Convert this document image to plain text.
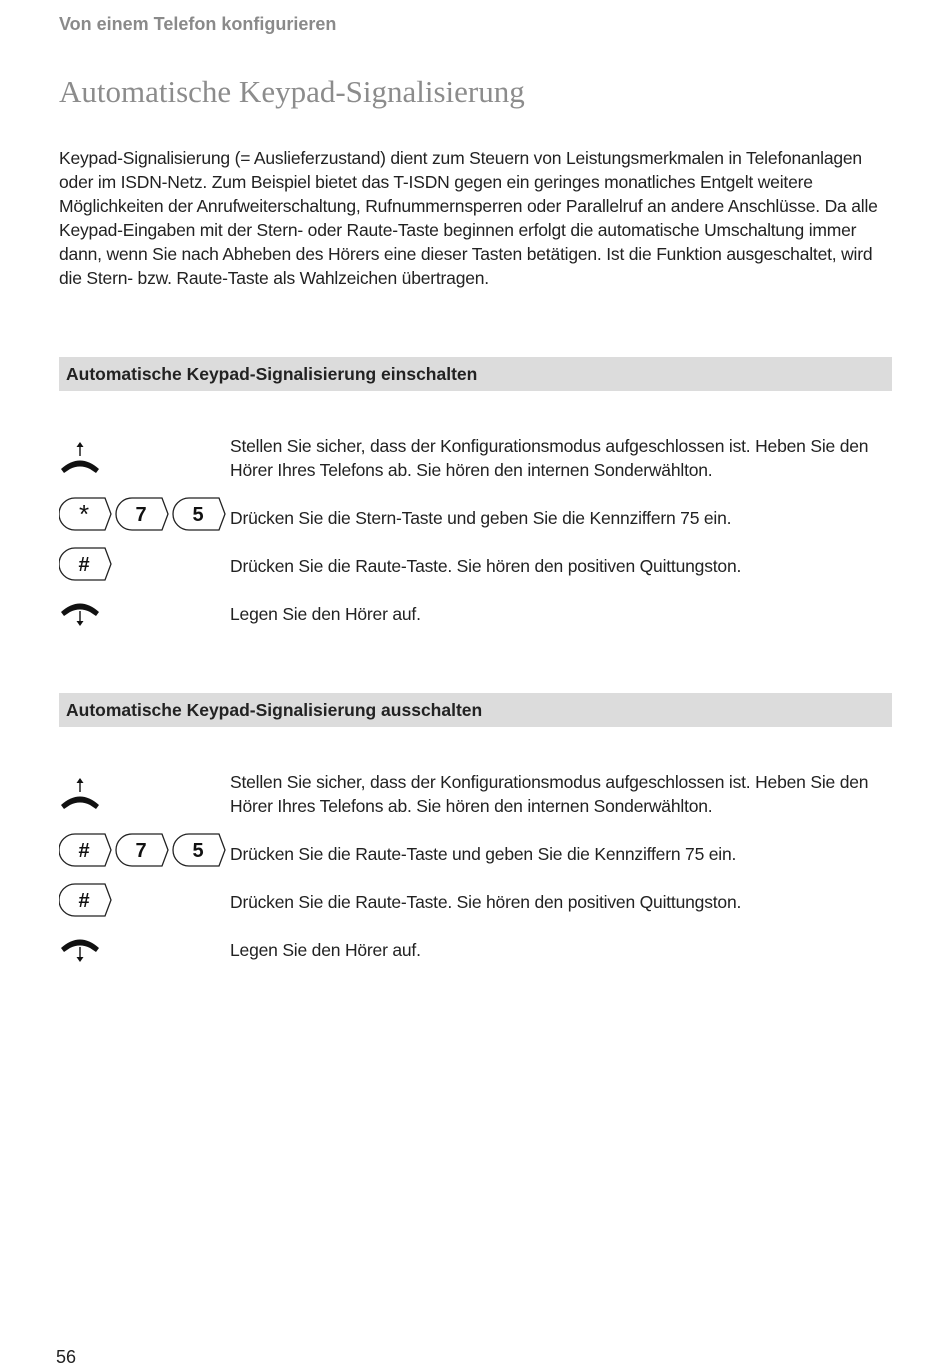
Von einem Telefon konfigurieren
Automatische Keypad-Signalisierung

Keypad-Signalisierung (= Auslieferzustand) dient zum Steuern von Leistungsmerkmalen in Telefonanlagen oder im ISDN-Netz. Zum Beispiel bietet das T-ISDN gegen ein geringes monatliches Entgelt weitere Möglichkeiten der Anrufweiterschaltung, Rufnummernsperren oder Parallelruf an andere Anschlüsse. Da alle Keypad-Eingaben mit der Stern- oder Raute-Taste beginnen erfolgt die automatische Umschaltung immer dann, wenn Sie nach Abheben des Hörers eine dieser Tasten betätigen. Ist die Funktion ausgeschaltet, wird die Stern- bzw. Raute-Taste als Wahlzeichen übertragen.

Automatische Keypad-Signalisierung einschalten

Stellen Sie sicher, dass der Konfigurationsmodus aufgeschlossen ist. Heben Sie den Hörer Ihres Telefons ab. Sie hören den internen Sonderwählton.

* 7 5 Drücken Sie die Stern-Taste und geben Sie die Kennziffern 75 ein.

#	Drücken Sie die Raute-Taste. Sie hören den positiven Quittungston.

Legen Sie den Hörer auf.

Automatische Keypad-Signalisierung ausschalten

Stellen Sie sicher, dass der Konfigurationsmodus aufgeschlossen ist. Heben Sie den Hörer Ihres Telefons ab. Sie hören den internen Sonderwählton.

# 7 5 Drücken Sie die Raute-Taste und geben Sie die Kennziffern 75 ein.

#	Drücken Sie die Raute-Taste. Sie hören den positiven Quittungston.

Legen Sie den Hörer auf.

56
